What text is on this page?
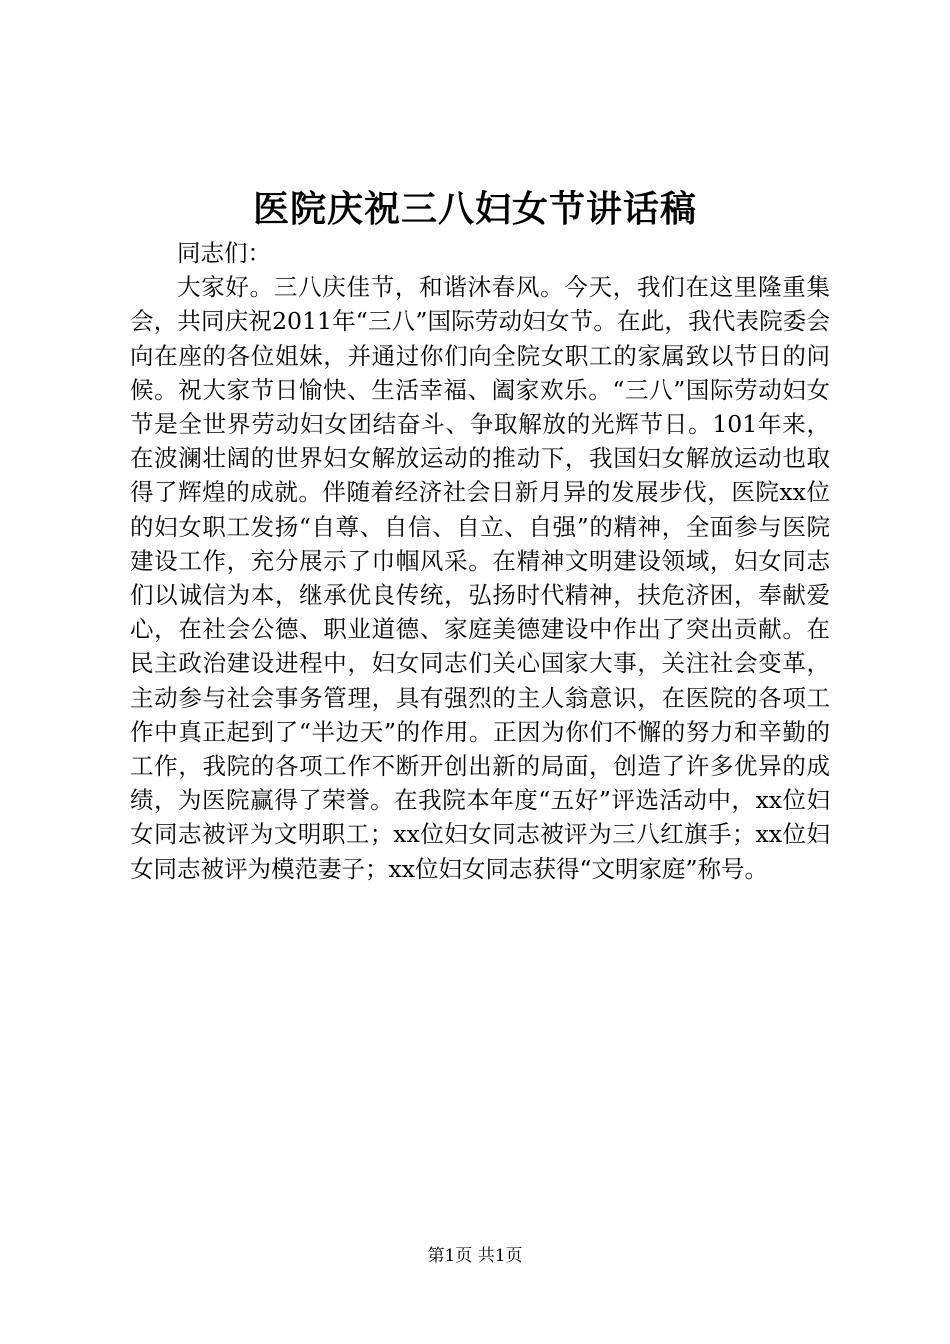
医院庆祝三八妇女节讲话稿

同志们：

大家好。三八庆佳节，和谐沐春风。今天，我们在这里隆重集会，共同庆祝2011年“三八”国际劳动妇女节。在此，我代表院委会向在座的各位姐妹，并通过你们向全院女职工的家属致以节日的问候。祝大家节日愉快、生活幸福、阖家欢乐。“三八”国际劳动妇女节是全世界劳动妇女团结奋斗、争取解放的光辉节日。101年来，在波澜壮阔的世界妇女解放运动的推动下，我国妇女解放运动也取得了辉煌的成就。伴随着经济社会日新月异的发展步伐，医院xx位的妇女职工发扬“自尊、自信、自立、自强”的精神，全面参与医院建设工作，充分展示了巾帼风采。在精神文明建设领域，妇女同志们以诚信为本，继承优良传统，弘扬时代精神，扶危济困，奉献爱心，在社会公德、职业道德、家庭美德建设中作出了突出贡献。在民主政治建设进程中，妇女同志们关心国家大事，关注社会变革，主动参与社会事务管理，具有强烈的主人翁意识，在医院的各项工作中真正起到了“半边天”的作用。正因为你们不懈的努力和辛勤的工作，我院的各项工作不断开创出新的局面，创造了许多优异的成绩，为医院赢得了荣誉。在我院本年度“五好”评选活动中，xx位妇女同志被评为文明职工；xx位妇女同志被评为三八红旗手；xx位妇女同志被评为模范妻子；xx位妇女同志获得“文明家庭”称号。

第1页 共1页
